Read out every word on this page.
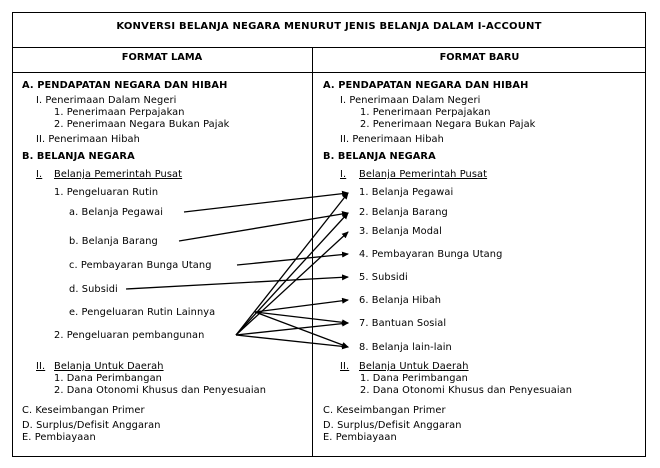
KONVERSI BELANJA NEGARA MENURUT JENIS BELANJA DALAM I-ACCOUNT
FORMAT LAMA	FORMAT BARU
A. PENDAPATAN NEGARA DAN HIBAH
I. Penerimaan Dalam Negeri
1. Penerimaan Perpajakan
2. Penerimaan Negara Bukan Pajak
II. Penerimaan Hibah
B. BELANJA NEGARA
I. Belanja Pemerintah Pusat
1. Pengeluaran Rutin
a. Belanja Pegawai
b. Belanja Barang
c. Pembayaran Bunga Utang
d. Subsidi
e. Pengeluaran Rutin Lainnya
2. Pengeluaran pembangunan
II. Belanja Untuk Daerah
1. Dana Perimbangan
2. Dana Otonomi Khusus dan Penyesuaian
C. Keseimbangan Primer
D. Surplus/Defisit Anggaran
E. Pembiayaan
A. PENDAPATAN NEGARA DAN HIBAH
I. Penerimaan Dalam Negeri
1. Penerimaan Perpajakan
2. Penerimaan Negara Bukan Pajak
II. Penerimaan Hibah
B. BELANJA NEGARA
I. Belanja Pemerintah Pusat
1. Belanja Pegawai
2. Belanja Barang
3. Belanja Modal
4. Pembayaran Bunga Utang
5. Subsidi
6. Belanja Hibah
7. Bantuan Sosial
8. Belanja lain-lain
II. Belanja Untuk Daerah
1. Dana Perimbangan
2. Dana Otonomi Khusus dan Penyesuaian
C. Keseimbangan Primer
D. Surplus/Defisit Anggaran
E. Pembiayaan
